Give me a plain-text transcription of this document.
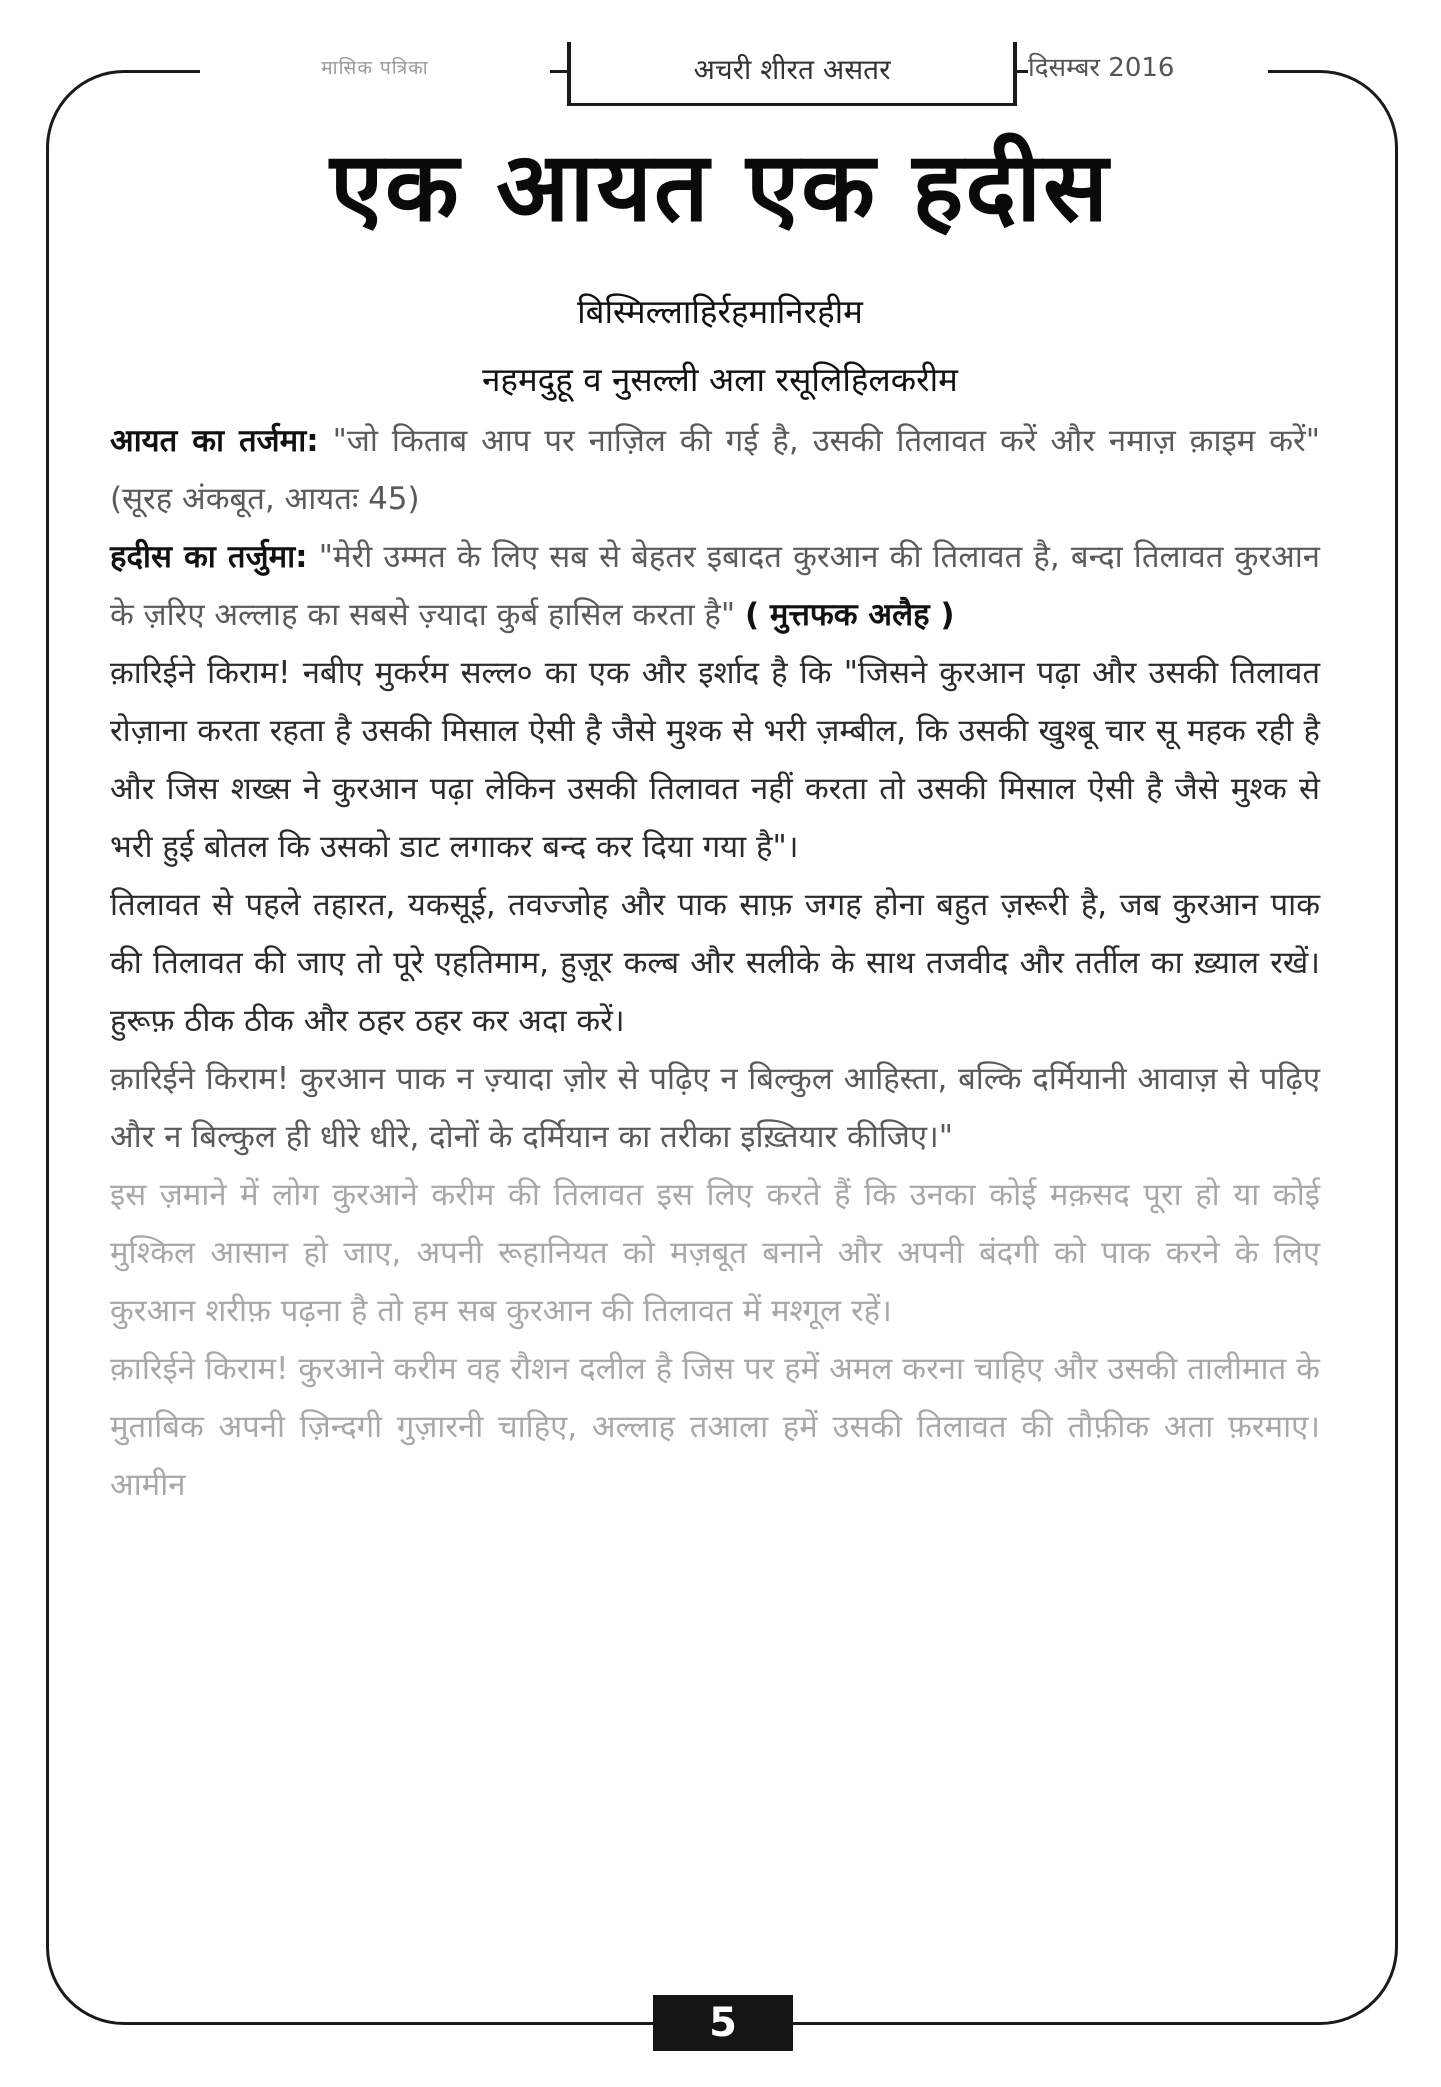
मासिक पत्रिका	अचरी शीरत असतर	दिसम्बर 2016
एक आयत एक हदीस
बिस्मिल्लाहिर्रहमानिरहीम
नहमदुहू व नुसल्ली अला रसूलिहिलकरीम

आयत का तर्जमा: "जो किताब आप पर नाज़िल की गई है, उसकी तिलावत करें और नमाज़ क़ाइम करें" (सूरह अंकबूत, आयतः 45)

हदीस का तर्जुमा: "मेरी उम्मत के लिए सब से बेहतर इबादत कुरआन की तिलावत है, बन्दा तिलावत कुरआन के ज़रिए अल्लाह का सबसे ज़्यादा कुर्ब हासिल करता है" ( मुत्तफक अलैह )

क़ारिईने किराम! नबीए मुकर्रम सल्ल० का एक और इर्शाद है कि "जिसने कुरआन पढ़ा और उसकी तिलावत रोज़ाना करता रहता है उसकी मिसाल ऐसी है जैसे मुश्क से भरी ज़म्बील, कि उसकी खुश्बू चार सू महक रही है और जिस शख्स ने कुरआन पढ़ा लेकिन उसकी तिलावत नहीं करता तो उसकी मिसाल ऐसी है जैसे मुश्क से भरी हुई बोतल कि उसको डाट लगाकर बन्द कर दिया गया है"।

तिलावत से पहले तहारत, यकसूई, तवज्जोह और पाक साफ़ जगह होना बहुत ज़रूरी है, जब कुरआन पाक की तिलावत की जाए तो पूरे एहतिमाम, हुज़ूर कल्ब और सलीके के साथ तजवीद और तर्तील का ख़्याल रखें। हुरूफ़ ठीक ठीक और ठहर ठहर कर अदा करें।

क़ारिईने किराम! कुरआन पाक न ज़्यादा ज़ोर से पढ़िए न बिल्कुल आहिस्ता, बल्कि दर्मियानी आवाज़ से पढ़िए और न बिल्कुल ही धीरे धीरे, दोनों के दर्मियान का तरीका इख़्तियार कीजिए।"

इस ज़माने में लोग कुरआने करीम की तिलावत इस लिए करते हैं कि उनका कोई मक़सद पूरा हो या कोई मुश्किल आसान हो जाए, अपनी रूहानियत को मज़बूत बनाने और अपनी बंदगी को पाक करने के लिए कुरआन शरीफ़ पढ़ना है तो हम सब कुरआन की तिलावत में मश्गूल रहें।

क़ारिईने किराम! कुरआने करीम वह रौशन दलील है जिस पर हमें अमल करना चाहिए और उसकी तालीमात के मुताबिक अपनी ज़िन्दगी गुज़ारनी चाहिए, अल्लाह तआला हमें उसकी तिलावत की तौफ़ीक अता फ़रमाए। आमीन

5
